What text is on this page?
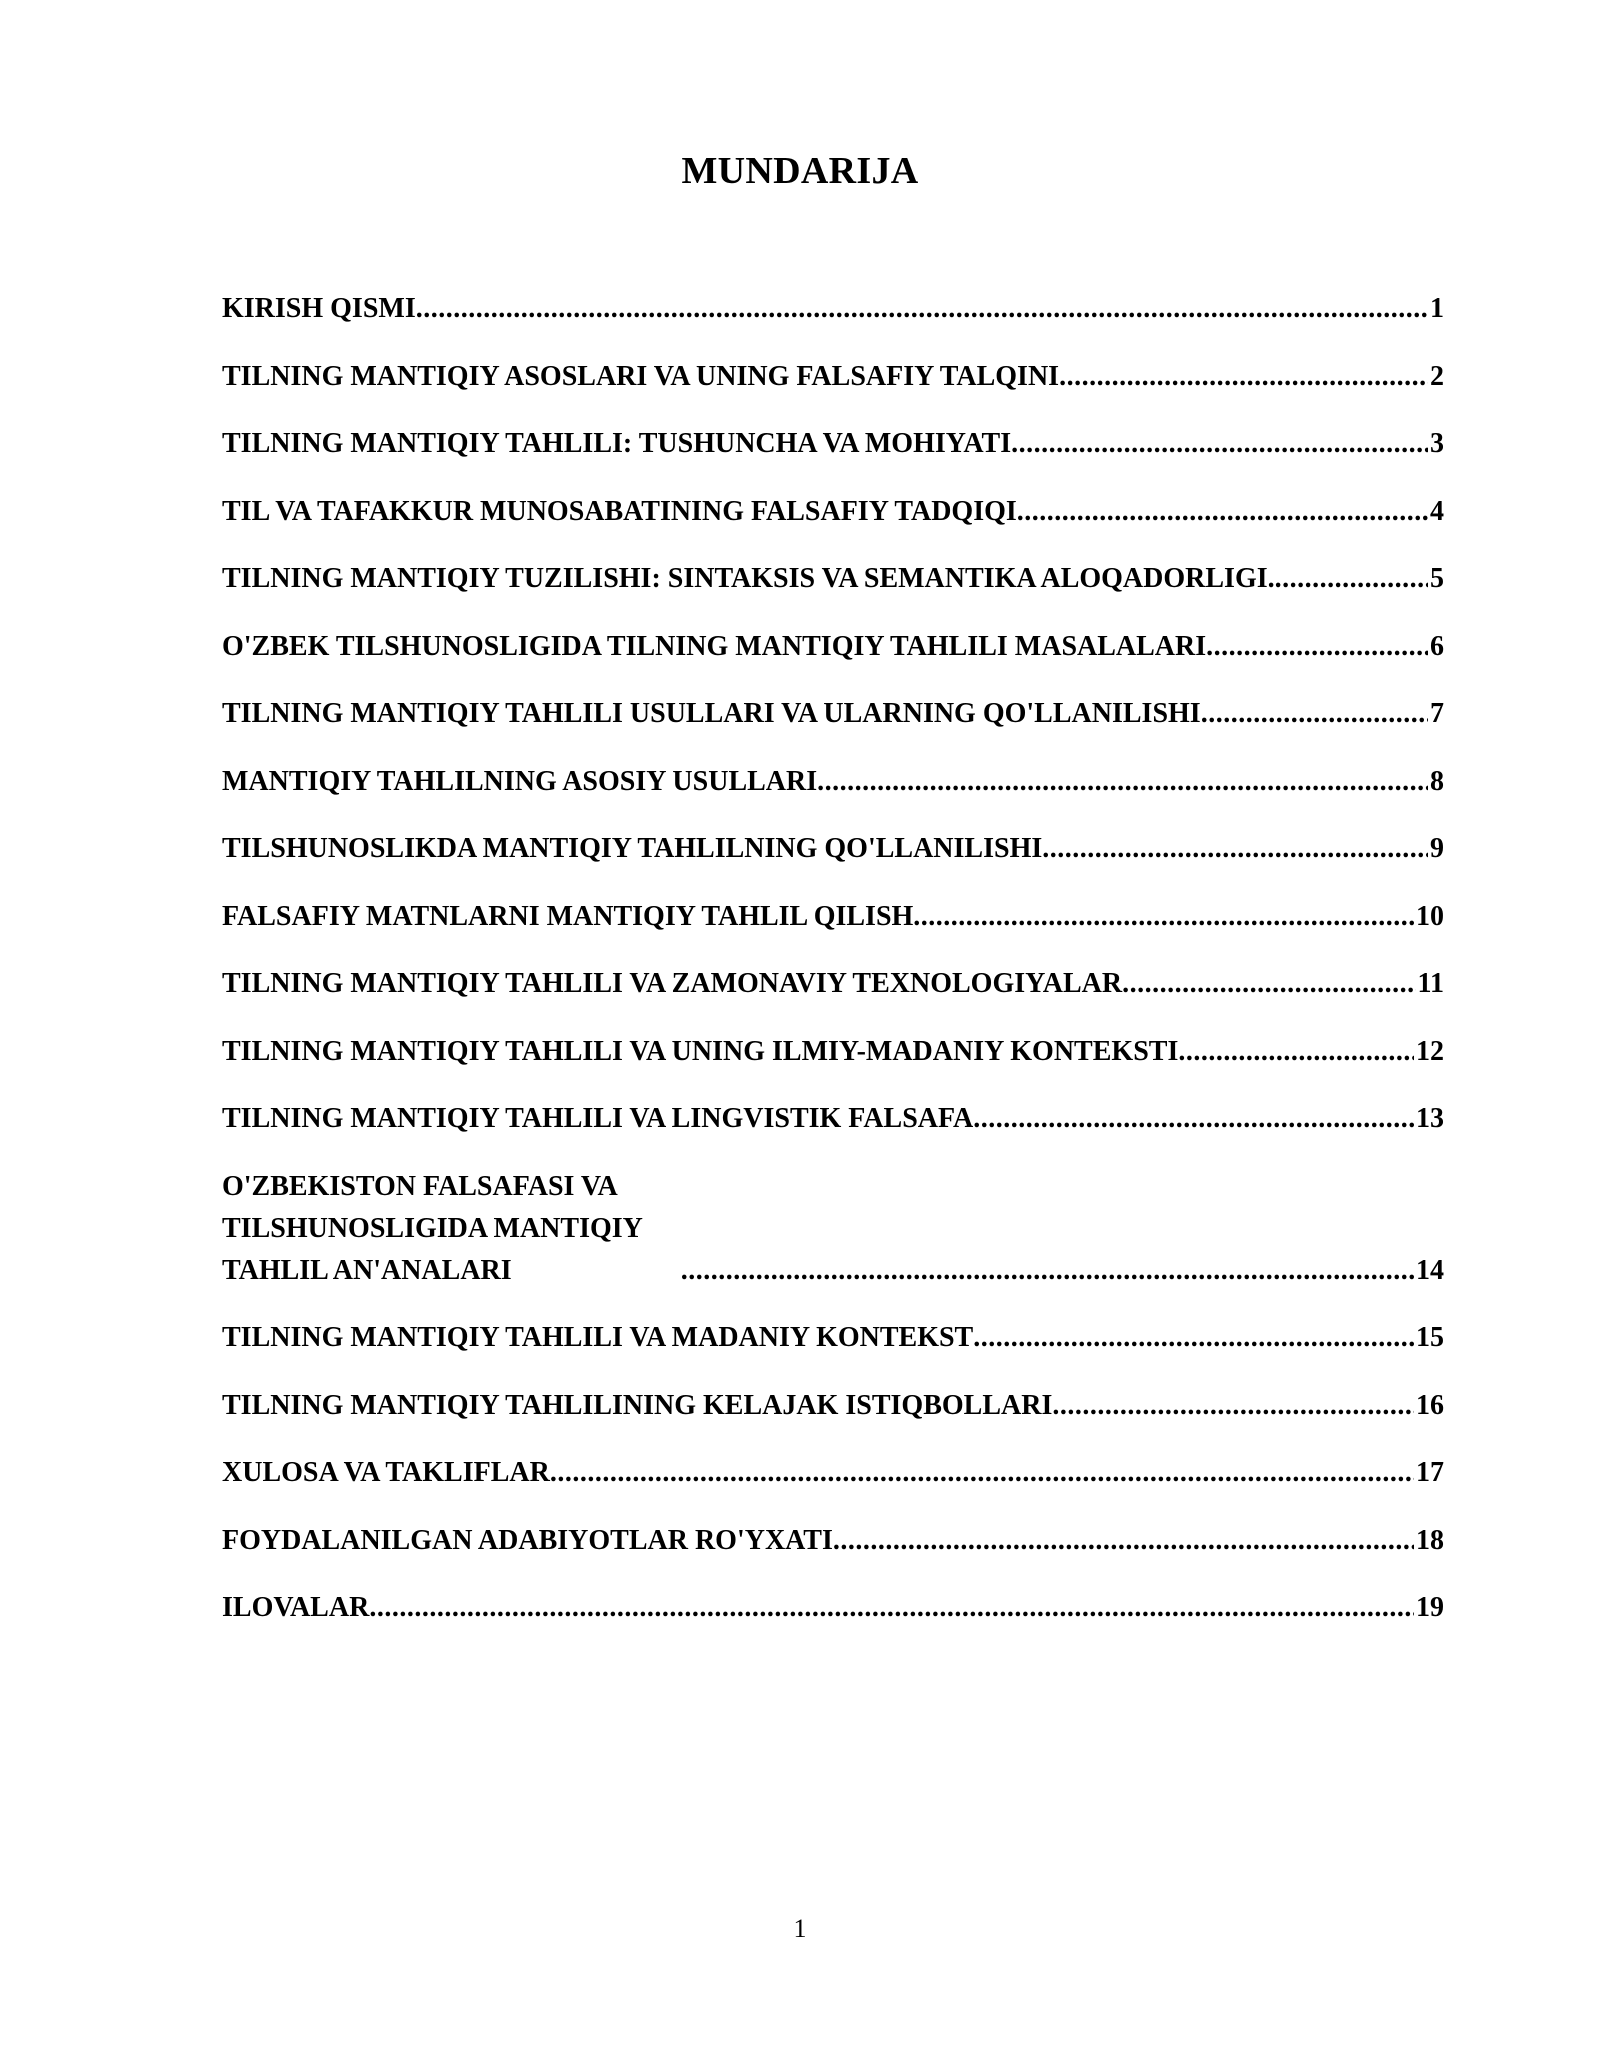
MUNDARIJA
KIRISH QISMI .....	1
TILNING MANTIQIY ASOSLARI VA UNING FALSAFIY TALQINI .....	2
TILNING MANTIQIY TAHLILI: TUSHUNCHA VA MOHIYATI .....	3
TIL VA TAFAKKUR MUNOSABATINING FALSAFIY TADQIQI .....	4
TILNING MANTIQIY TUZILISHI: SINTAKSIS VA SEMANTIKA ALOQADORLIGI. .....	5
O'ZBEK TILSHUNOSLIGIDA TILNING MANTIQIY TAHLILI MASALALARI .....	6
TILNING MANTIQIY TAHLILI USULLARI VA ULARNING QO'LLANILISHI .....	7
MANTIQIY TAHLILNING ASOSIY USULLARI .....	8
TILSHUNOSLIKDA MANTIQIY TAHLILNING QO'LLANILISHI .....	9
FALSAFIY MATNLARNI MANTIQIY TAHLIL QILISH .....	10
TILNING MANTIQIY TAHLILI VA ZAMONAVIY TEXNOLOGIYALAR .....	11
TILNING MANTIQIY TAHLILI VA UNING ILMIY-MADANIY KONTEKSTI .....	12
TILNING MANTIQIY TAHLILI VA LINGVISTIK FALSAFA .....	13
O'ZBEKISTON FALSAFASI VA TILSHUNOSLIGIDA MANTIQIY TAHLIL AN'ANALARI .....	14
TILNING MANTIQIY TAHLILI VA MADANIY KONTEKST .....	15
TILNING MANTIQIY TAHLILINING KELAJAK ISTIQBOLLARI .....	16
XULOSA VA TAKLIFLAR .....	17
FOYDALANILGAN ADABIYOTLAR RO'YXATI .....	18
ILOVALAR .....	19
1
